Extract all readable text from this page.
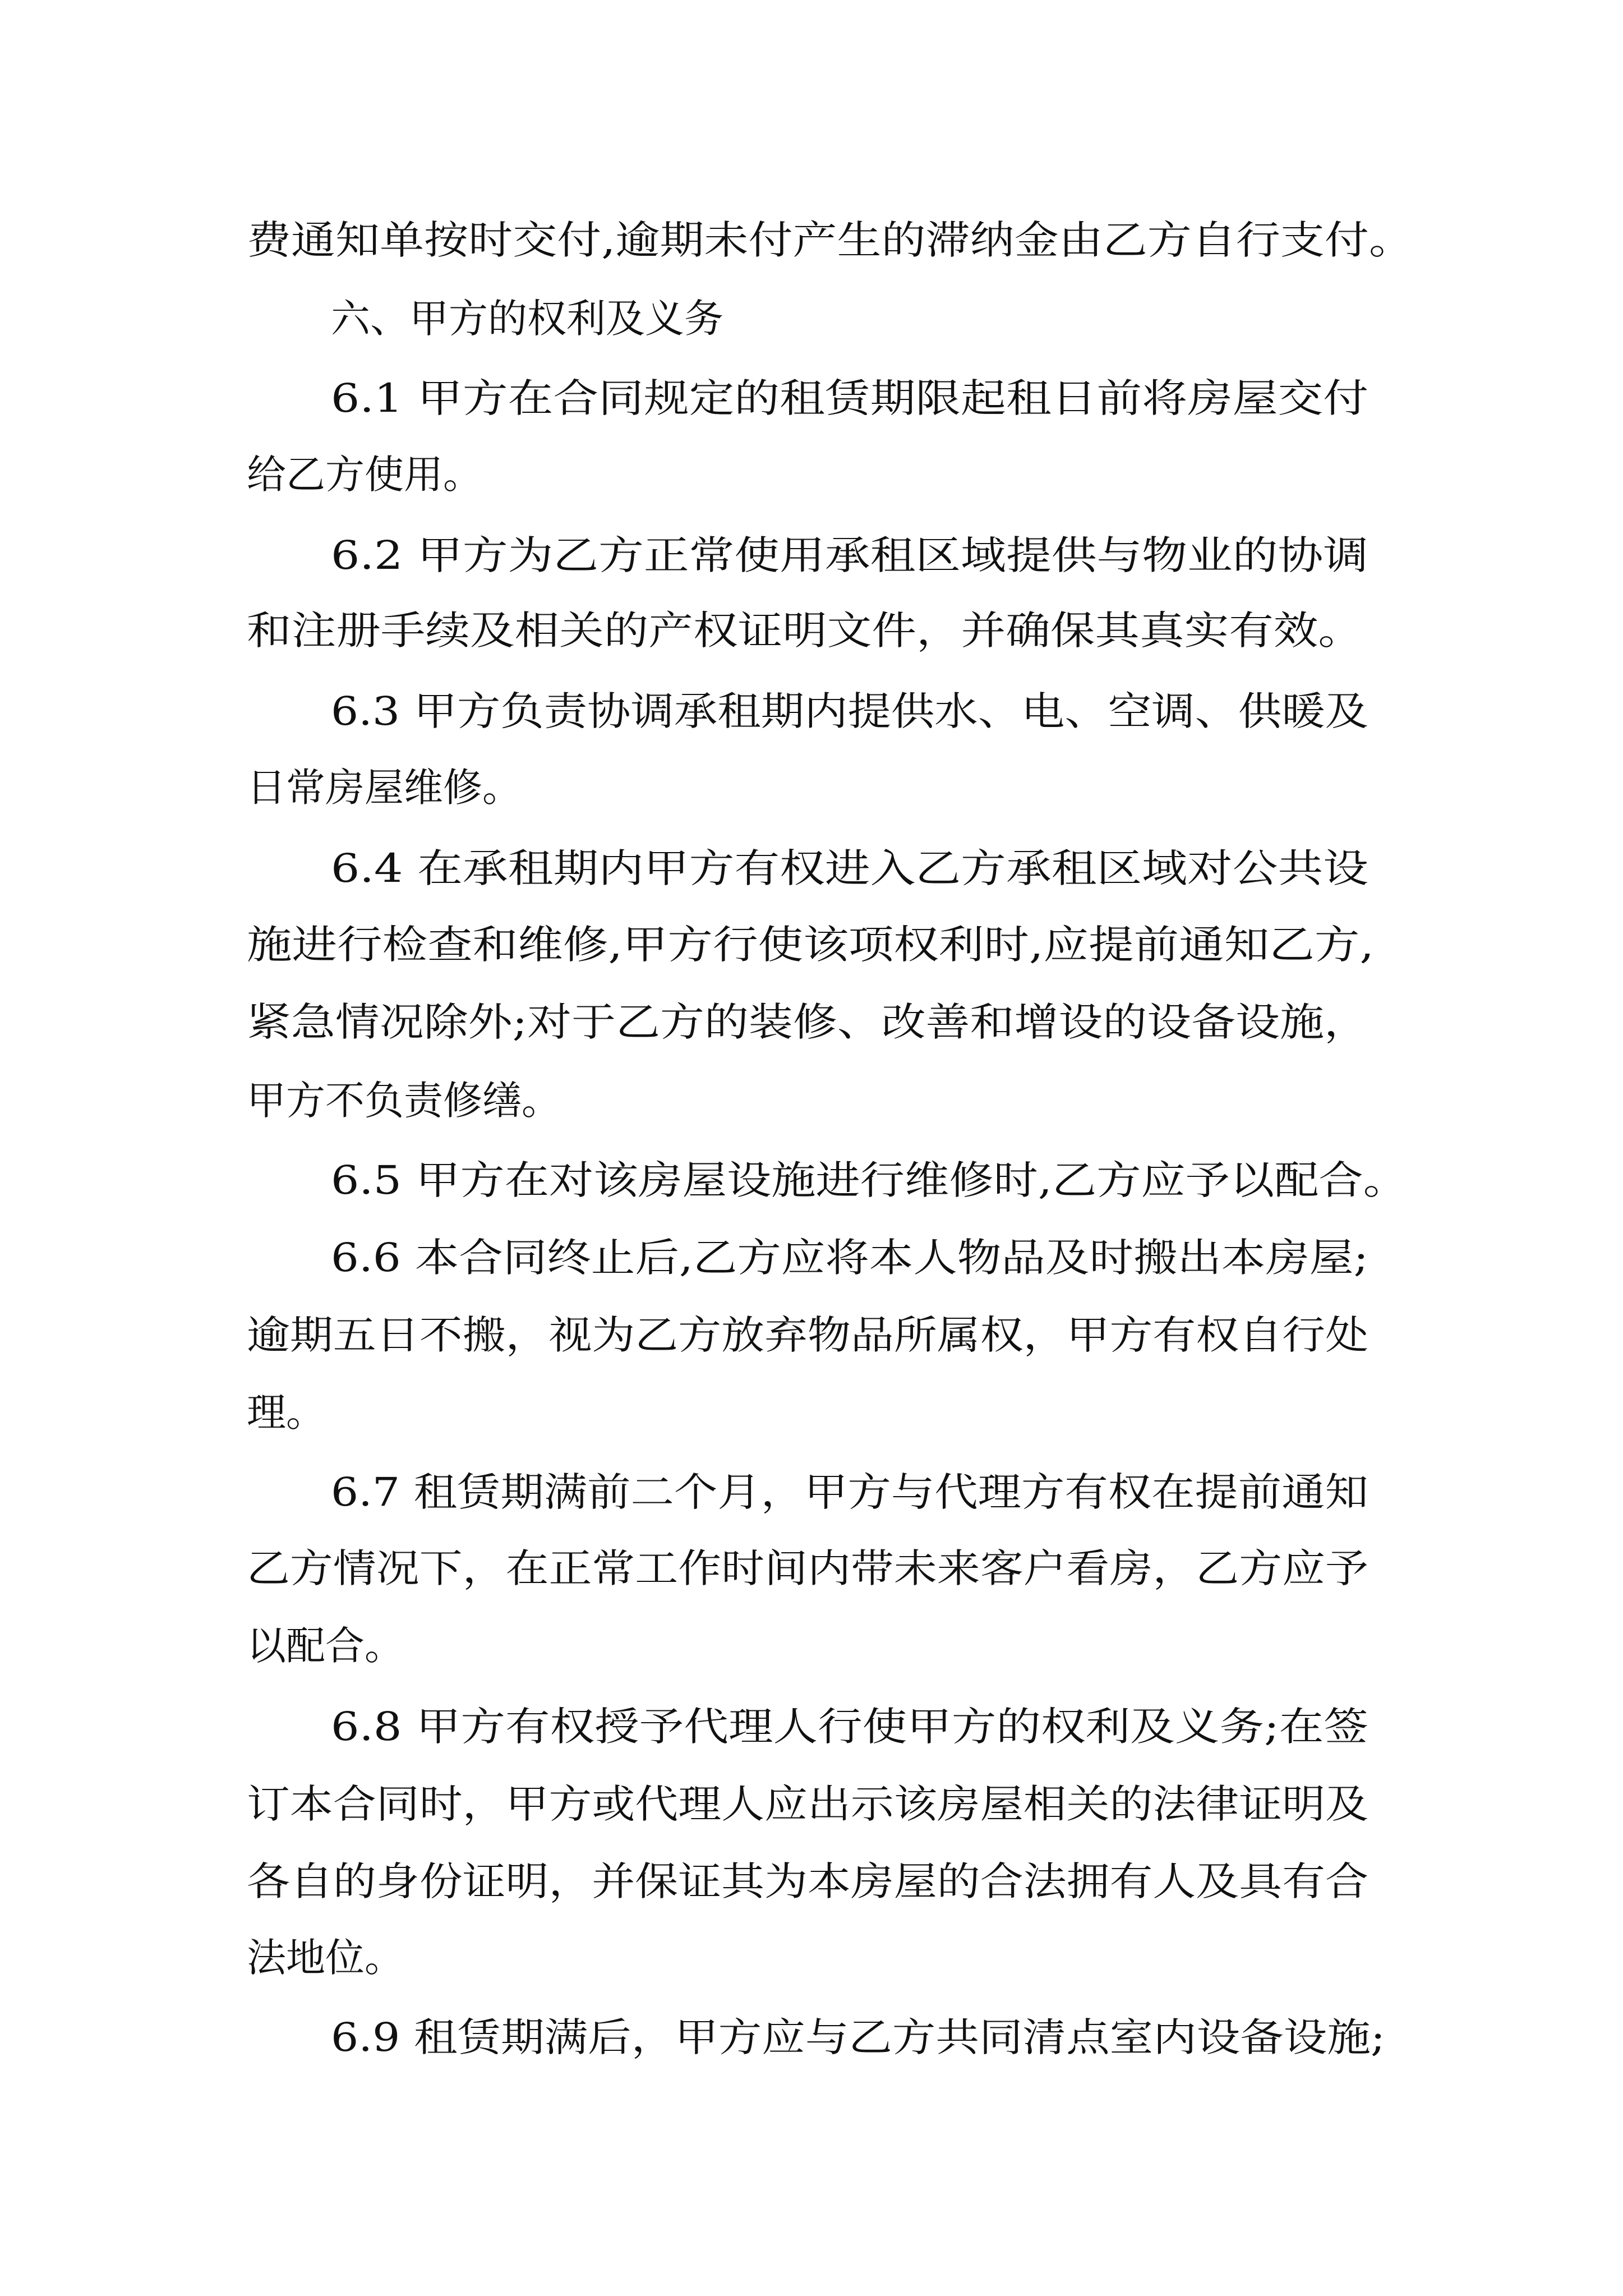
费通知单按时交付,逾期未付产生的滞纳金由乙方自行支付。

六、甲方的权利及义务

6.1 甲方在合同规定的租赁期限起租日前将房屋交付

给乙方使用。

6.2 甲方为乙方正常使用承租区域提供与物业的协调

和注册手续及相关的产权证明文件，并确保其真实有效。

6.3 甲方负责协调承租期内提供水、电、空调、供暖及

日常房屋维修。

6.4 在承租期内甲方有权进入乙方承租区域对公共设

施进行检查和维修,甲方行使该项权利时,应提前通知乙方,

紧急情况除外;对于乙方的装修、改善和增设的设备设施，

甲方不负责修缮。

6.5 甲方在对该房屋设施进行维修时,乙方应予以配合。

6.6 本合同终止后,乙方应将本人物品及时搬出本房屋;

逾期五日不搬，视为乙方放弃物品所属权，甲方有权自行处

理。

6.7 租赁期满前二个月，甲方与代理方有权在提前通知

乙方情况下，在正常工作时间内带未来客户看房，乙方应予

以配合。

6.8 甲方有权授予代理人行使甲方的权利及义务;在签

订本合同时，甲方或代理人应出示该房屋相关的法律证明及

各自的身份证明，并保证其为本房屋的合法拥有人及具有合

法地位。

6.9 租赁期满后，甲方应与乙方共同清点室内设备设施;
